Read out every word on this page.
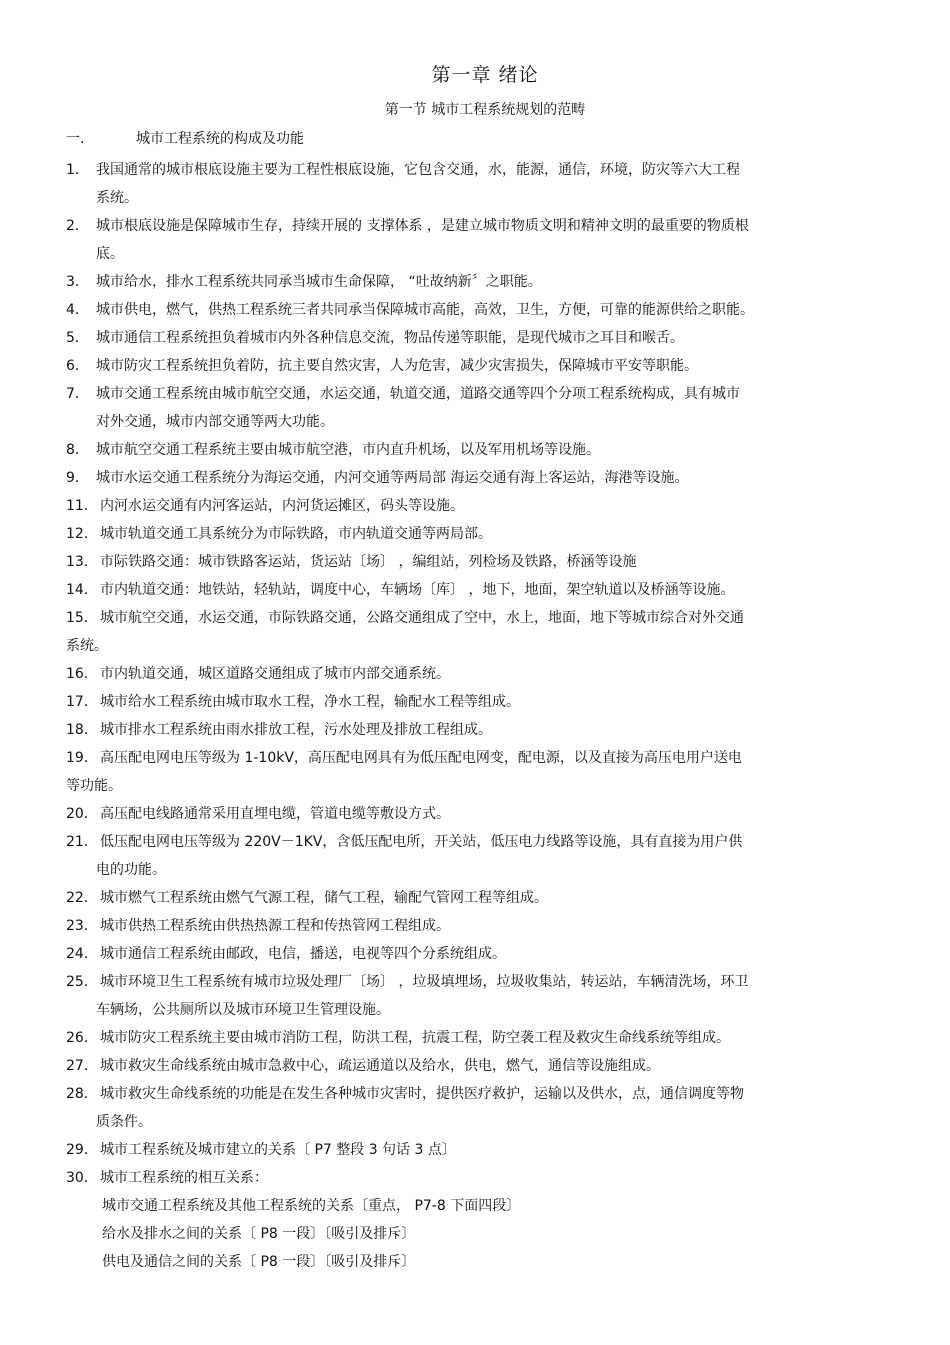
第一章 绪论
第一节 城市工程系统规划的范畴
一.	城市工程系统的构成及功能
1． 我国通常的城市根底设施主要为工程性根底设施，它包含交通，水，能源，通信，环境，防灾等六大工程
系统。
2． 城市根底设施是保障城市生存，持续开展的 支撑体系 ，是建立城市物质文明和精神文明的最重要的物质根
底。
3． 城市给水，排水工程系统共同承当城市生命保障， “吐故纳新〞之职能。
4． 城市供电，燃气，供热工程系统三者共同承当保障城市高能，高效，卫生，方便，可靠的能源供给之职能。
5． 城市通信工程系统担负着城市内外各种信息交流，物品传递等职能，是现代城市之耳目和喉舌。
6． 城市防灾工程系统担负着防，抗主要自然灾害，人为危害，减少灾害损失，保障城市平安等职能。
7． 城市交通工程系统由城市航空交通，水运交通，轨道交通，道路交通等四个分项工程系统构成，具有城市
对外交通，城市内部交通等两大功能。
8． 城市航空交通工程系统主要由城市航空港，市内直升机场，以及军用机场等设施。
9． 城市水运交通工程系统分为海运交通，内河交通等两局部 海运交通有海上客运站，海港等设施。
11． 内河水运交通有内河客运站，内河货运摊区，码头等设施。
12． 城市轨道交通工具系统分为市际铁路，市内轨道交通等两局部。
13． 市际铁路交通：城市铁路客运站，货运站〔场〕 ，编组站，列检场及铁路，桥涵等设施
14． 市内轨道交通：地铁站，轻轨站，调度中心，车辆场〔库〕 ，地下，地面，架空轨道以及桥涵等设施。
15． 城市航空交通，水运交通，市际铁路交通，公路交通组成了空中，水上，地面，地下等城市综合对外交通
系统。
16． 市内轨道交通，城区道路交通组成了城市内部交通系统。
17． 城市给水工程系统由城市取水工程，净水工程，输配水工程等组成。
18． 城市排水工程系统由雨水排放工程，污水处理及排放工程组成。
19． 高压配电网电压等级为 1-10kV，高压配电网具有为低压配电网变，配电源，以及直接为高压电用户送电
等功能。
20． 高压配电线路通常采用直埋电缆，管道电缆等敷设方式。
21． 低压配电网电压等级为 220V－1KV，含低压配电所，开关站，低压电力线路等设施，具有直接为用户供
电的功能。
22． 城市燃气工程系统由燃气气源工程，储气工程，输配气管网工程等组成。
23． 城市供热工程系统由供热热源工程和传热管网工程组成。
24． 城市通信工程系统由邮政，电信，播送，电视等四个分系统组成。
25． 城市环境卫生工程系统有城市垃圾处理厂〔场〕 ，垃圾填埋场，垃圾收集站，转运站，车辆清洗场，环卫
车辆场，公共厕所以及城市环境卫生管理设施。
26． 城市防灾工程系统主要由城市消防工程，防洪工程，抗震工程，防空袭工程及救灾生命线系统等组成。
27． 城市救灾生命线系统由城市急救中心，疏运通道以及给水，供电，燃气，通信等设施组成。
28． 城市救灾生命线系统的功能是在发生各种城市灾害时，提供医疗救护，运输以及供水，点，通信调度等物
质条件。
29． 城市工程系统及城市建立的关系〔 P7 整段 3 句话 3 点〕
30． 城市工程系统的相互关系：
城市交通工程系统及其他工程系统的关系〔重点， P7-8 下面四段〕
给水及排水之间的关系〔 P8 一段〕〔吸引及排斥〕
供电及通信之间的关系〔 P8 一段〕〔吸引及排斥〕
